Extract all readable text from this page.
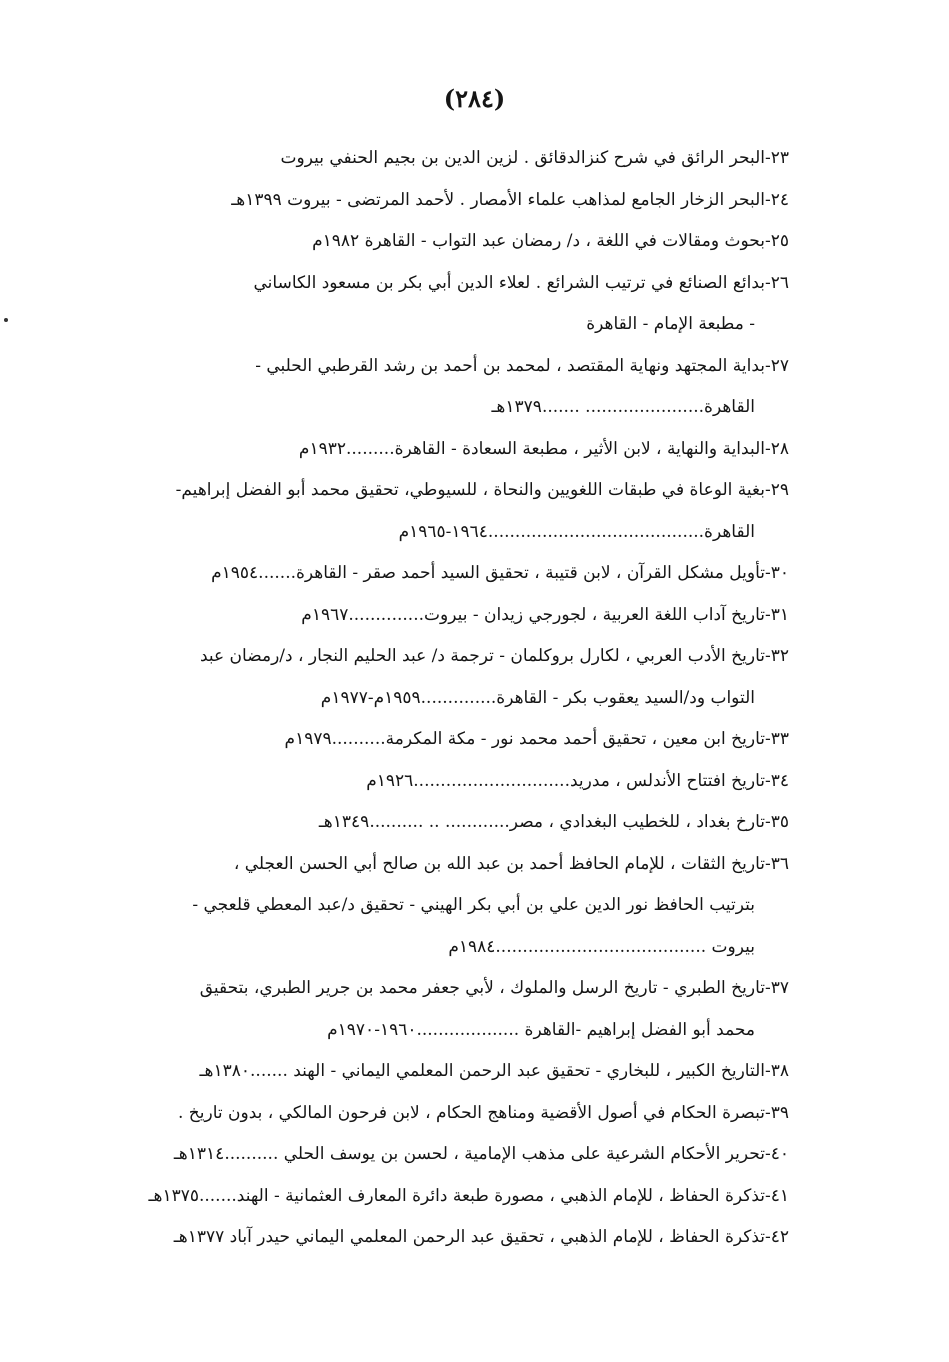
(٢٨٤)
٢٣-البحر الرائق في شرح كنزالدقائق . لزين الدين بن بجيم الحنفي بيروت
٢٤-البحر الزخار الجامع لمذاهب علماء الأمصار . لأحمد المرتضى - بيروت ١٣٩٩هـ
٢٥-بحوث ومقالات في اللغة ، د/ رمضان عبد التواب - القاهرة ١٩٨٢م
٢٦-بدائع الصنائع في ترتيب الشرائع . لعلاء الدين أبي بكر بن مسعود الكاساني
- مطبعة الإمام - القاهرة
٢٧-بداية المجتهد ونهاية المقتصد ، لمحمد بن أحمد بن رشد القرطبي الحلبي -
القاهرة...................... .......١٣٧٩هـ
٢٨-البداية والنهاية ، لابن الأثير ، مطبعة السعادة - القاهرة.........١٩٣٢م
٢٩-بغية الوعاة في طبقات اللغويين والنحاة ، للسيوطي، تحقيق محمد أبو الفضل إبراهيم-
القاهرة........................................١٩٦٤-١٩٦٥م
٣٠-تأويل مشكل القرآن ، لابن قتيبة ، تحقيق السيد أحمد صقر - القاهرة.......١٩٥٤م
٣١-تاريخ آداب اللغة العربية ، لجورجي زيدان - بيروت..............١٩٦٧م
٣٢-تاريخ الأدب العربي ، لكارل بروكلمان - ترجمة د/ عبد الحليم النجار ، د/رمضان عبد
التواب ود/السيد يعقوب بكر - القاهرة..............١٩٥٩م-١٩٧٧م
٣٣-تاريخ ابن معين ، تحقيق أحمد محمد نور - مكة المكرمة..........١٩٧٩م
٣٤-تاريخ افتتاح الأندلس ، مدريد.............................١٩٢٦م
٣٥-تارخ بغداد ، للخطيب البغدادي ، مصر............ .. ..........١٣٤٩هـ
٣٦-تاريخ الثقات ، للإمام الحافظ أحمد بن عبد الله بن صالح أبي الحسن العجلي ،
بترتيب الحافظ نور الدين علي بن أبي بكر الهيني - تحقيق د/عبد المعطي قلعجي -
بيروت .......................................١٩٨٤م
٣٧-تاريخ الطبري - تاريخ الرسل والملوك ، لأبي جعفر محمد بن جرير الطبري، بتحقيق
محمد أبو الفضل إبراهيم -القاهرة ...................١٩٦٠-١٩٧٠م
٣٨-التاريخ الكبير ، للبخاري - تحقيق عبد الرحمن المعلمي اليماني - الهند .......١٣٨٠هـ
٣٩-تبصرة الحكام في أصول الأقضية ومناهج الحكام ، لابن فرحون المالكي ، بدون تاريخ .
٤٠-تحرير الأحكام الشرعية على مذهب الإمامية ، لحسن بن يوسف الحلي ..........١٣١٤هـ
٤١-تذكرة الحفاظ ، للإمام الذهبي ، مصورة طبعة دائرة المعارف العثمانية - الهند.......١٣٧٥هـ
٤٢-تذكرة الحفاظ ، للإمام الذهبي ، تحقيق عبد الرحمن المعلمي اليماني حيدر آباد ١٣٧٧هـ
